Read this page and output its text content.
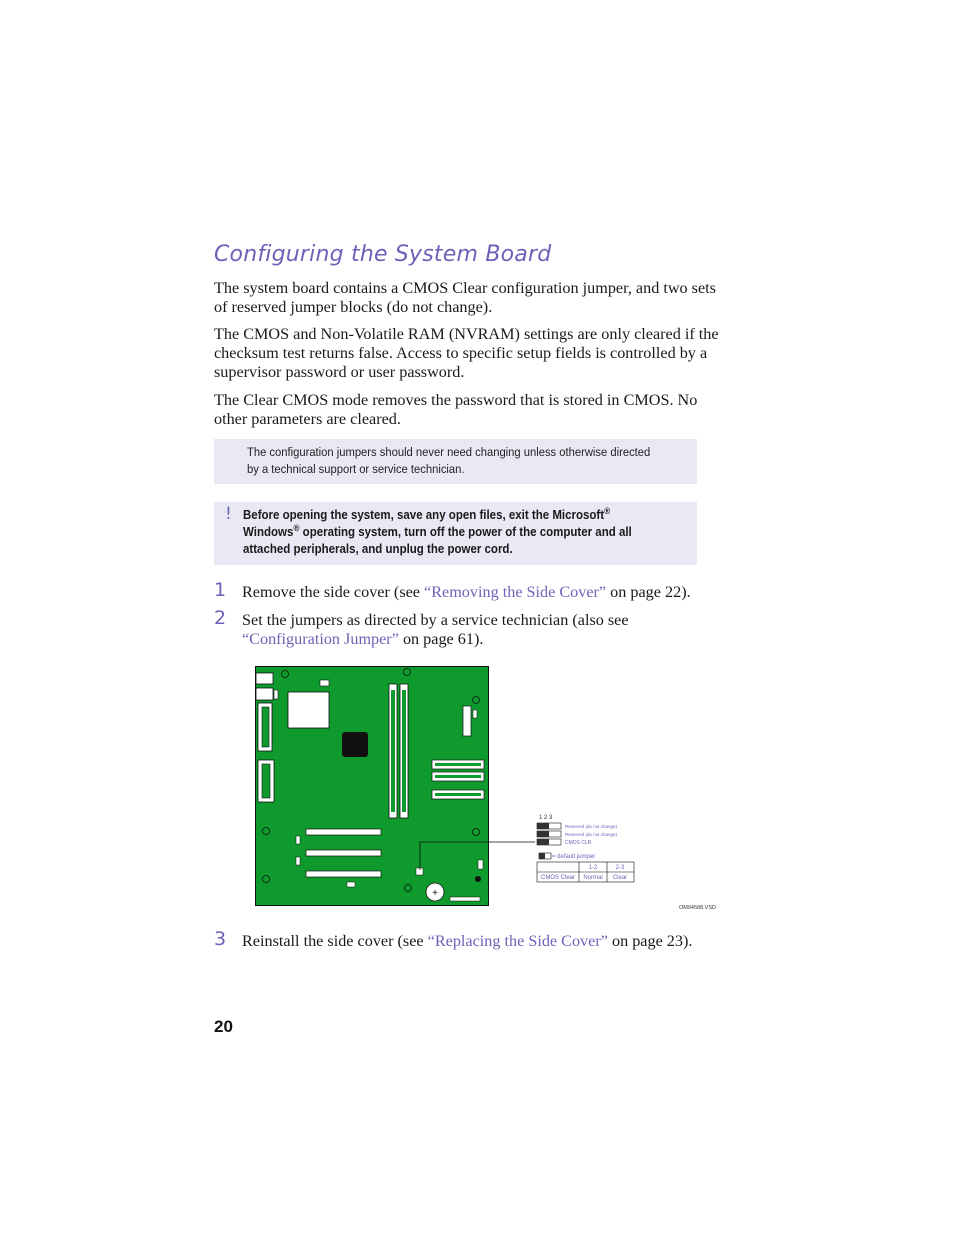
Configuring the System Board

The system board contains a CMOS Clear configuration jumper, and two sets of reserved jumper blocks (do not change).

The CMOS and Non-Volatile RAM (NVRAM) settings are only cleared if the checksum test returns false. Access to specific setup fields is controlled by a supervisor password or user password.

The Clear CMOS mode removes the password that is stored in CMOS. No other parameters are cleared.

The configuration jumpers should never need changing unless otherwise directed by a technical support or service technician.
! Before opening the system, save any open files, exit the Microsoft®
Windows® operating system, turn off the power of the computer and all attached peripherals, and unplug the power cord.
1 Remove the side cover (see “Removing the Side Cover” on page 22).

2 Set the jumpers as directed by a service technician (also see “Configuration Jumper” on page 61).

+
1 2 3
Reserved (do not change)
Reserved (do not change)
CMOS CLR
= default jumper
1-2	2-3
CMOS Clear Normal Clear
OM04588.VSD
3 Reinstall the side cover (see “Replacing the Side Cover” on page 23).

20
